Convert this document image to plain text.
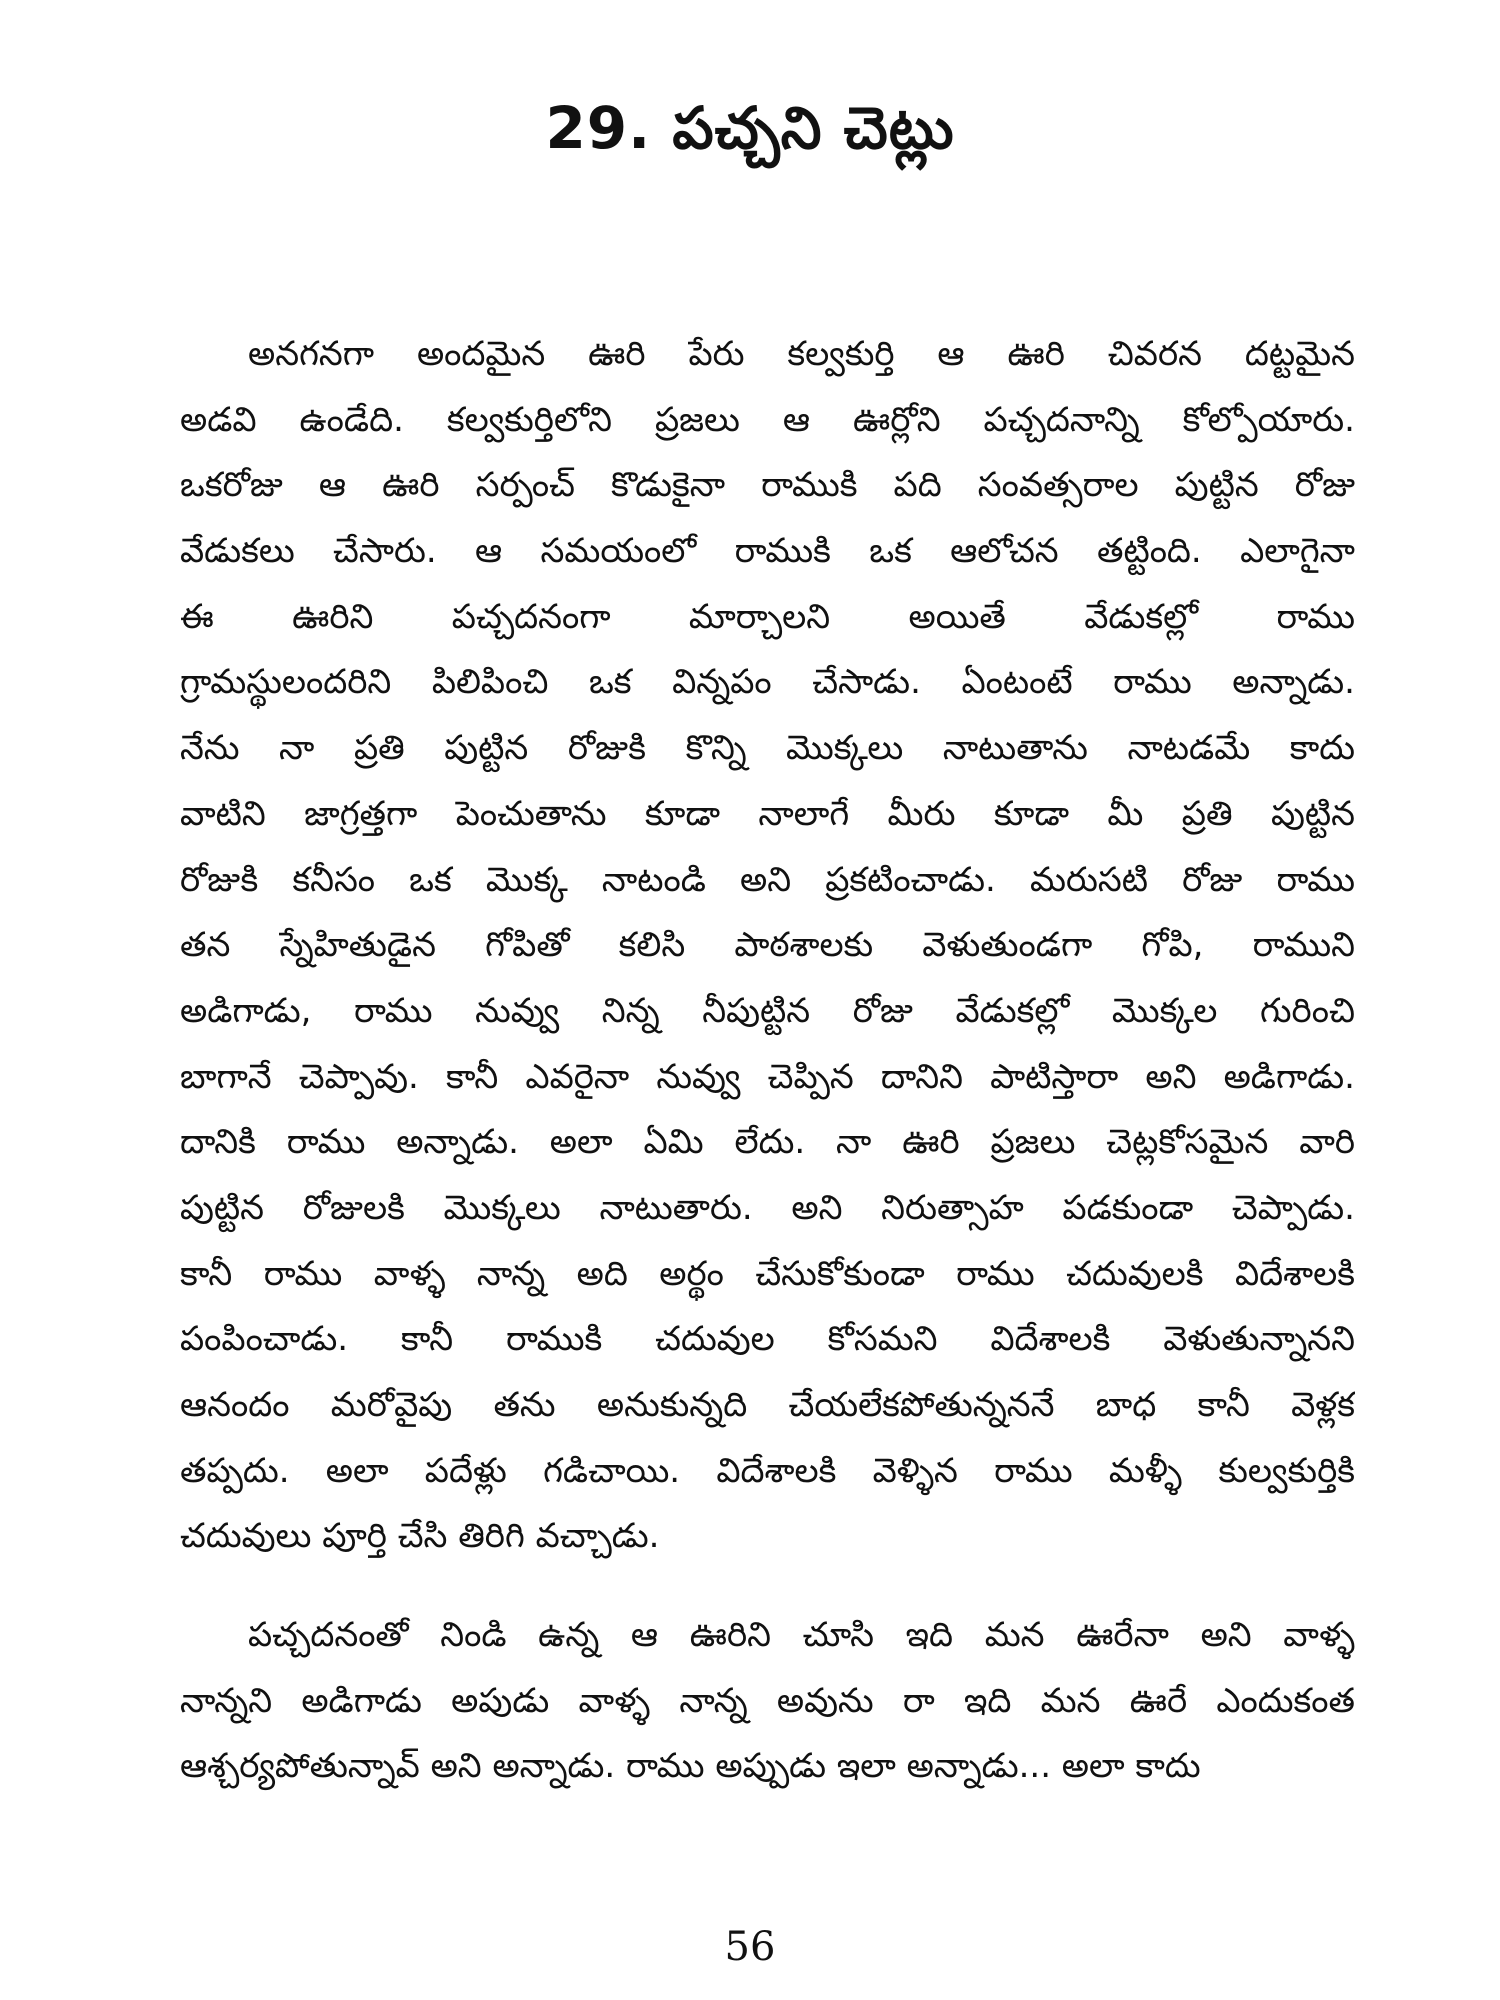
29. పచ్చని చెట్లు
అనగనగా అందమైన ఊరి పేరు కల్వకుర్తి ఆ ఊరి చివరన దట్టమైన
అడవి ఉండేది. కల్వకుర్తిలోని ప్రజలు ఆ ఊర్లోని పచ్చదనాన్ని కోల్పోయారు.
ఒకరోజు ఆ ఊరి సర్పంచ్ కొడుకైనా రాముకి పది సంవత్సరాల పుట్టిన రోజు
వేడుకలు చేసారు. ఆ సమయంలో రాముకి ఒక ఆలోచన తట్టింది. ఎలాగైనా
ఈ ఊరిని పచ్చదనంగా మార్చాలని అయితే వేడుకల్లో రాము
గ్రామస్థులందరిని పిలిపించి ఒక విన్నపం చేసాడు. ఏంటంటే రాము అన్నాడు.
నేను నా ప్రతి పుట్టిన రోజుకి కొన్ని మొక్కలు నాటుతాను నాటడమే కాదు
వాటిని జాగ్రత్తగా పెంచుతాను కూడా నాలాగే మీరు కూడా మీ ప్రతి పుట్టిన
రోజుకి కనీసం ఒక మొక్క నాటండి అని ప్రకటించాడు. మరుసటి రోజు రాము
తన స్నేహితుడైన గోపితో కలిసి పాఠశాలకు వెళుతుండగా గోపి, రాముని
అడిగాడు, రాము నువ్వు నిన్న నీపుట్టిన రోజు వేడుకల్లో మొక్కల గురించి
బాగానే చెప్పావు. కానీ ఎవరైనా నువ్వు చెప్పిన దానిని పాటిస్తారా అని అడిగాడు.
దానికి రాము అన్నాడు. అలా ఏమి లేదు. నా ఊరి ప్రజలు చెట్లకోసమైన వారి
పుట్టిన రోజులకి మొక్కలు నాటుతారు. అని నిరుత్సాహ పడకుండా చెప్పాడు.
కానీ రాము వాళ్ళ నాన్న అది అర్థం చేసుకోకుండా రాము చదువులకి విదేశాలకి
పంపించాడు. కానీ రాముకి చదువుల కోసమని విదేశాలకి వెళుతున్నానని
ఆనందం మరోవైపు తను అనుకున్నది చేయలేకపోతున్నననే బాధ కానీ వెళ్లక
తప్పదు. అలా పదేళ్లు గడిచాయి. విదేశాలకి వెళ్ళిన రాము మళ్ళీ కుల్వకుర్తికి
చదువులు పూర్తి చేసి తిరిగి వచ్చాడు.
పచ్చదనంతో నిండి ఉన్న ఆ ఊరిని చూసి ఇది మన ఊరేనా అని వాళ్ళ
నాన్నని అడిగాడు అపుడు వాళ్ళ నాన్న అవును రా ఇది మన ఊరే ఎందుకంత
ఆశ్చర్యపోతున్నావ్ అని అన్నాడు. రాము అప్పుడు ఇలా అన్నాడు... అలా కాదు
56
